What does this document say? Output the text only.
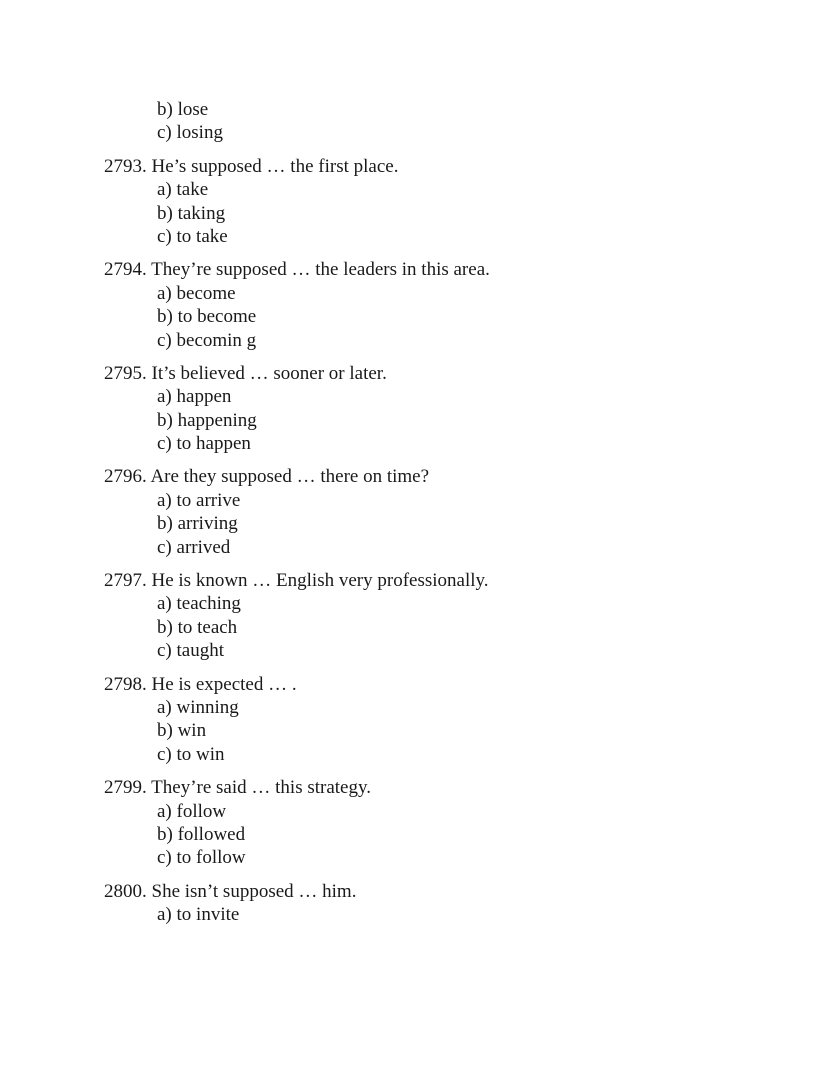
b) lose
c) losing
2793. He’s supposed … the first place.
a) take
b) taking
c) to take
2794. They’re supposed … the leaders in this area.
a) become
b) to become
c) becomin g
2795. It’s believed … sooner or later.
a) happen
b) happening
c) to happen
2796. Are they supposed … there on time?
a) to arrive
b) arriving
c) arrived
2797. He is known … English very professionally.
a) teaching
b) to teach
c) taught
2798. He is expected … .
a) winning
b) win
c) to win
2799. They’re said … this strategy.
a) follow
b) followed
c) to follow
2800. She isn’t supposed … him.
a) to invite
